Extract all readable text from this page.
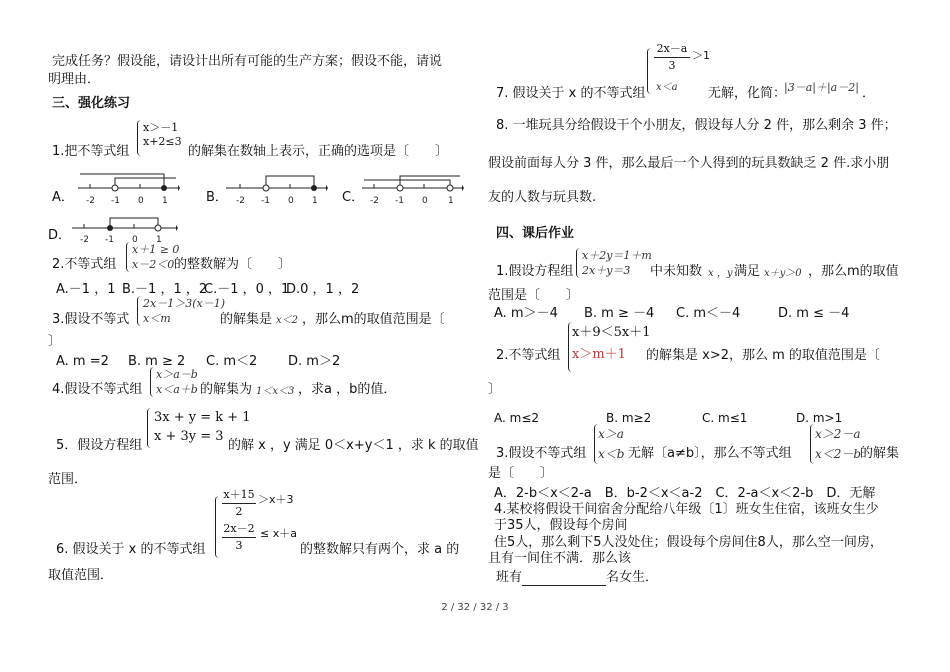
完成任务？假设能，请设计出所有可能的生产方案；假设不能，请说
明理由．
三、强化练习
1.把不等式组
x＞－1
x+2≤3
的解集在数轴上表示，正确的选项是〔　　〕
A． -2 -1 0 1	B． -2 -1 0 1 C． -2 -1 0 1
D． -2 -1 0 1
2.不等式组
x＋1 ≥ 0
x－2＜0 的整数解为〔　　〕
A.－1 ，1 B.－1 ，1 ，2
C.－1 ，0 ，1
D.0 ，1 ，2
3.假设不等式
2x－1＞3(x－1)
x＜m	的解集是 x＜2 ，那么m的取值范围是〔
〕
A. m =2 B. m ≥ 2 C. m＜2 D. m＞2
4.假设不等式组
x＞a－b
x＜a＋b 的解集为 1＜x＜3 ，求a ，b的值．
5．假设方程组
3x + y = k + 1
x + 3y = 3
的解 x ，y 满足 0＜x+y＜1 ，求 k 的取值
范围．
6. 假设关于 x 的不等式组
x＋15
2
＞x＋3
2x－2
3
≤ x＋a
的整数解只有两个，求 a 的
取值范围．
2x－a
3
＞1
x＜a
7. 假设关于 x 的不等式组	无解，化简：
|3－a|＋|a－2| ．
8. 一堆玩具分给假设干个小朋友，假设每人分 2 件，那么剩余 3 件；
假设前面每人分 3 件，那么最后一个人得到的玩具数缺乏 2 件.求小朋
友的人数与玩具数.
四、课后作业
1.假设方程组
x＋2y＝1＋m
2x＋y＝3	中未知数 x ，y 满足 x＋y＞0 ，那么m的取值
范围是〔　　〕
A. m＞－4 B. m ≥ －4 C. m＜－4	D. m ≤ －4
2.不等式组
x＋9＜5x＋1
x＞m＋1	的解集是 x>2，那么 m 的取值范围是〔
〕
A. m≤2	B. m≥2	C. m≤1	D. m>1
3.假设不等式组
x＞a
x＜b 无解〔a≠b〕，那么不等式组
x＞2－a
x＜2－b
的解集
是〔　　〕
A．2-b＜x＜2-a　B．b-2＜x＜a-2　C．2-a＜x＜2-b　D．无解
4.某校将假设干间宿舍分配给八年级〔1〕班女生住宿，该班女生少
于35人，假设每个房间
住5人，那么剩下5人没处住；假设每个房间住8人，那么空一间房，
且有一间住不满．那么该
班有	名女生．
2 / 32 / 32 / 3
